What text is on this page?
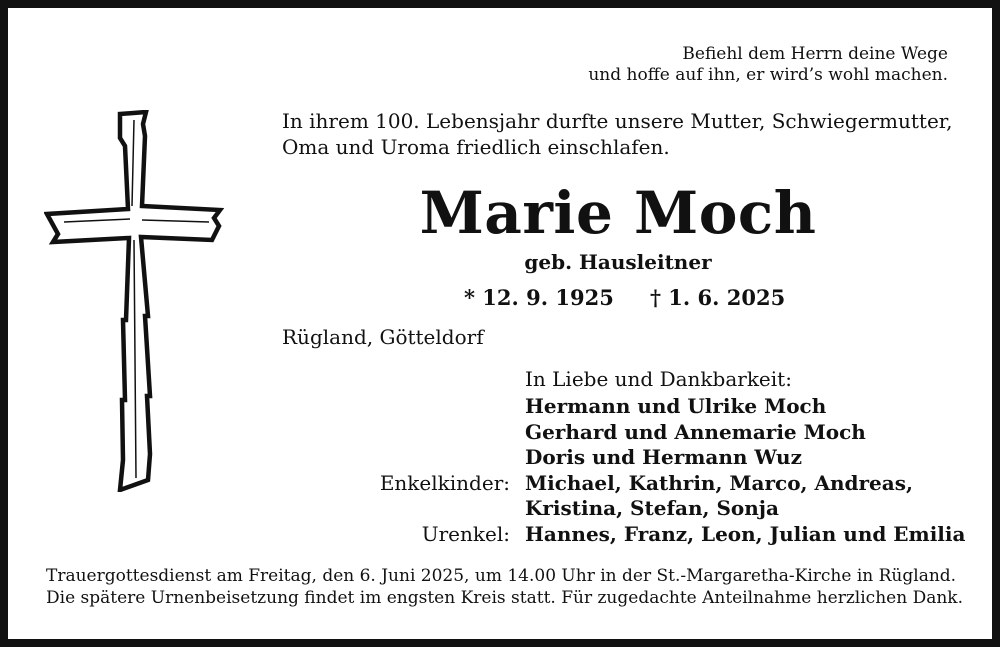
Befiehl dem Herrn deine Wege
und hoffe auf ihn, er wird’s wohl machen.
In ihrem 100. Lebensjahr durfte unsere Mutter, Schwiegermutter,
Oma und Uroma friedlich einschlafen.
Marie Moch
geb. Hausleitner
* 12. 9. 1925 † 1. 6. 2025
Rügland, Götteldorf
In Liebe und Dankbarkeit:
Hermann und Ulrike Moch
Gerhard und Annemarie Moch
Doris und Hermann Wuz
Enkelkinder: Michael, Kathrin, Marco, Andreas,
Kristina, Stefan, Sonja
Urenkel: Hannes, Franz, Leon, Julian und Emilia
Trauergottesdienst am Freitag, den 6. Juni 2025, um 14.00 Uhr in der St.-Margaretha-Kirche in Rügland.
Die spätere Urnenbeisetzung findet im engsten Kreis statt. Für zugedachte Anteilnahme herzlichen Dank.
